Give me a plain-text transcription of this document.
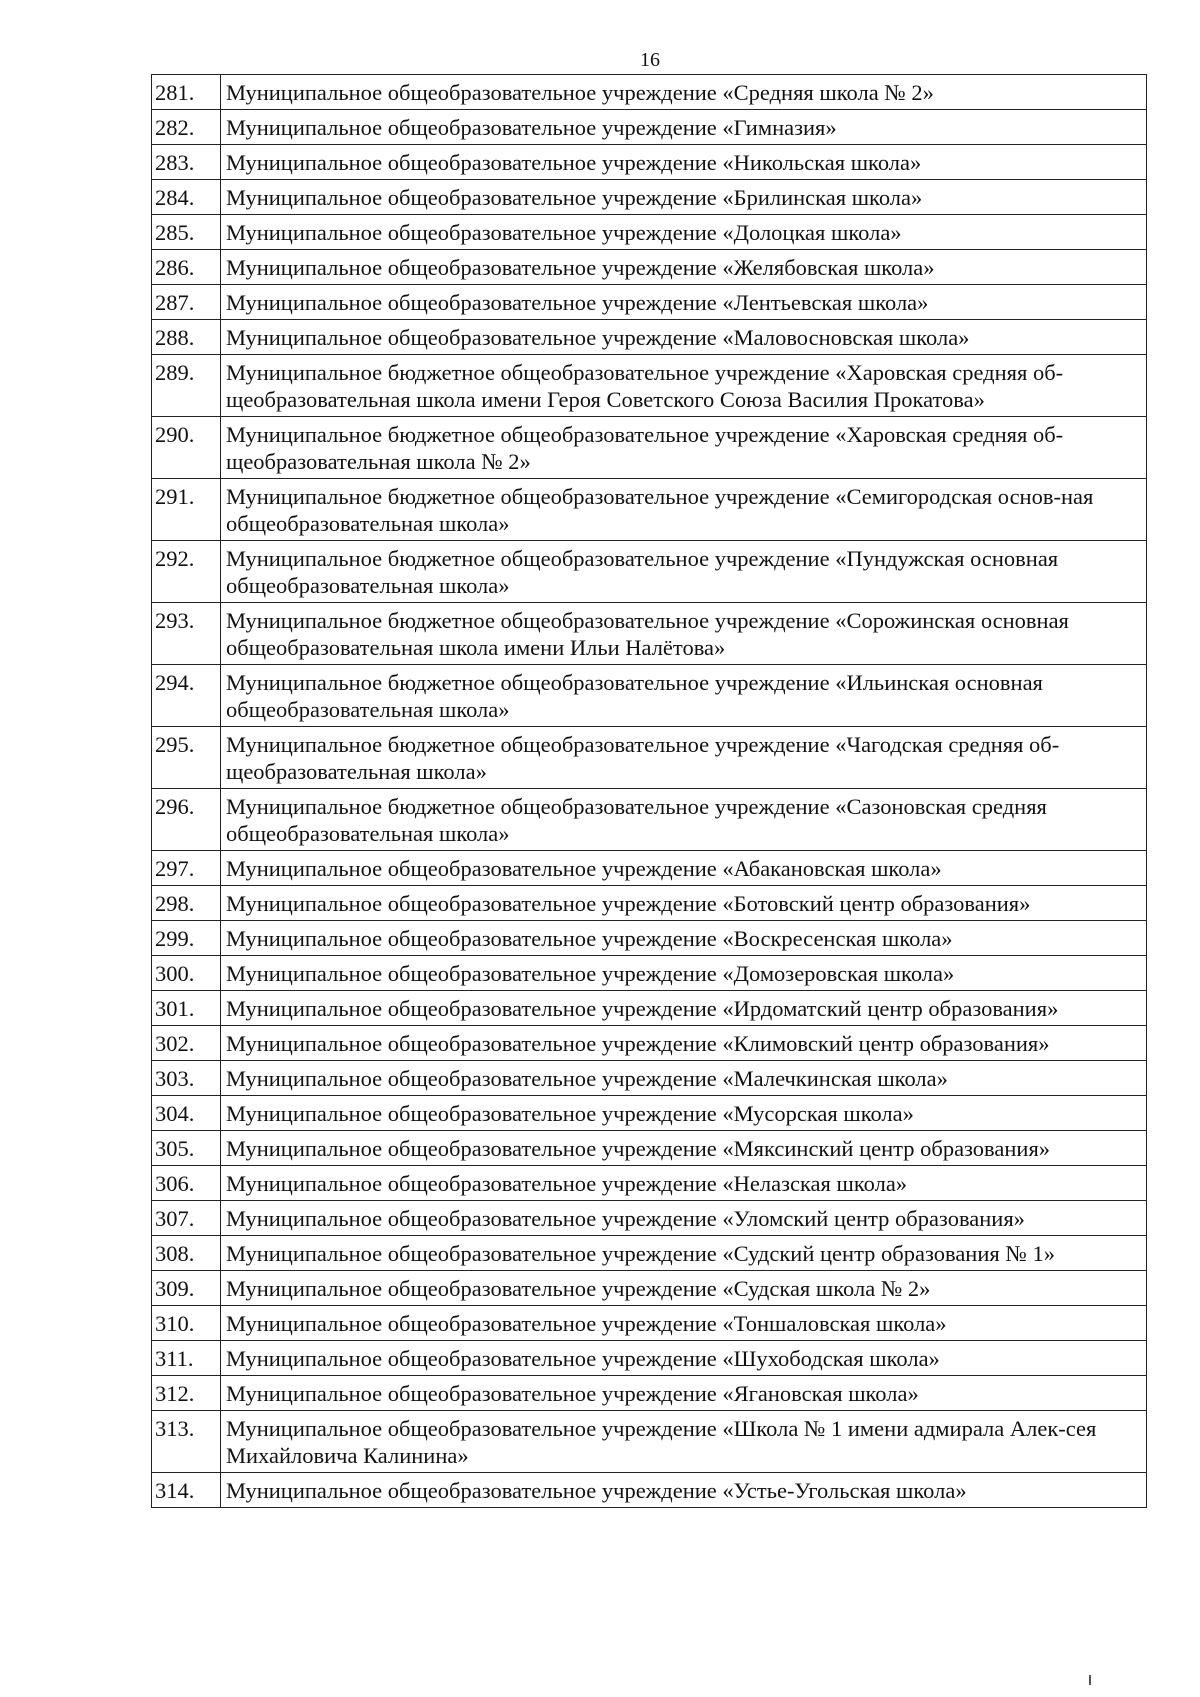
16
281.	Муниципальное общеобразовательное учреждение «Средняя школа № 2»
282.	Муниципальное общеобразовательное учреждение «Гимназия»
283.	Муниципальное общеобразовательное учреждение «Никольская школа»
284.	Муниципальное общеобразовательное учреждение «Брилинская школа»
285.	Муниципальное общеобразовательное учреждение «Долоцкая школа»
286.	Муниципальное общеобразовательное учреждение «Желябовская школа»
287.	Муниципальное общеобразовательное учреждение «Лентьевская школа»
288.	Муниципальное общеобразовательное учреждение «Маловосновская школа»
289.	Муниципальное бюджетное общеобразовательное учреждение «Харовская средняя об-щеобразовательная школа имени Героя Советского Союза Василия Прокатова»
290.	Муниципальное бюджетное общеобразовательное учреждение «Харовская средняя об-щеобразовательная школа № 2»
291.	Муниципальное бюджетное общеобразовательное учреждение «Семигородская основ-ная общеобразовательная школа»
292.	Муниципальное бюджетное общеобразовательное учреждение «Пундужская основная общеобразовательная школа»
293.	Муниципальное бюджетное общеобразовательное учреждение «Сорожинская основная общеобразовательная школа имени Ильи Налётова»
294.	Муниципальное бюджетное общеобразовательное учреждение «Ильинская основная общеобразовательная школа»
295.	Муниципальное бюджетное общеобразовательное учреждение «Чагодская средняя об-щеобразовательная школа»
296.	Муниципальное бюджетное общеобразовательное учреждение «Сазоновская средняя общеобразовательная школа»
297.	Муниципальное общеобразовательное учреждение «Абакановская школа»
298.	Муниципальное общеобразовательное учреждение «Ботовский центр образования»
299.	Муниципальное общеобразовательное учреждение «Воскресенская школа»
300.	Муниципальное общеобразовательное учреждение «Домозеровская школа»
301.	Муниципальное общеобразовательное учреждение «Ирдоматский центр образования»
302.	Муниципальное общеобразовательное учреждение «Климовский центр образования»
303.	Муниципальное общеобразовательное учреждение «Малечкинская школа»
304.	Муниципальное общеобразовательное учреждение «Мусорская школа»
305.	Муниципальное общеобразовательное учреждение «Мяксинский центр образования»
306.	Муниципальное общеобразовательное учреждение «Нелазская школа»
307.	Муниципальное общеобразовательное учреждение «Уломский центр образования»
308.	Муниципальное общеобразовательное учреждение «Судский центр образования № 1»
309.	Муниципальное общеобразовательное учреждение «Судская школа № 2»
310.	Муниципальное общеобразовательное учреждение «Тоншаловская школа»
311.	Муниципальное общеобразовательное учреждение «Шухободская школа»
312.	Муниципальное общеобразовательное учреждение «Ягановская школа»
313.	Муниципальное общеобразовательное учреждение «Школа № 1 имени адмирала Алек-сея Михайловича Калинина»
314.	Муниципальное общеобразовательное учреждение «Устье-Угольская школа»
